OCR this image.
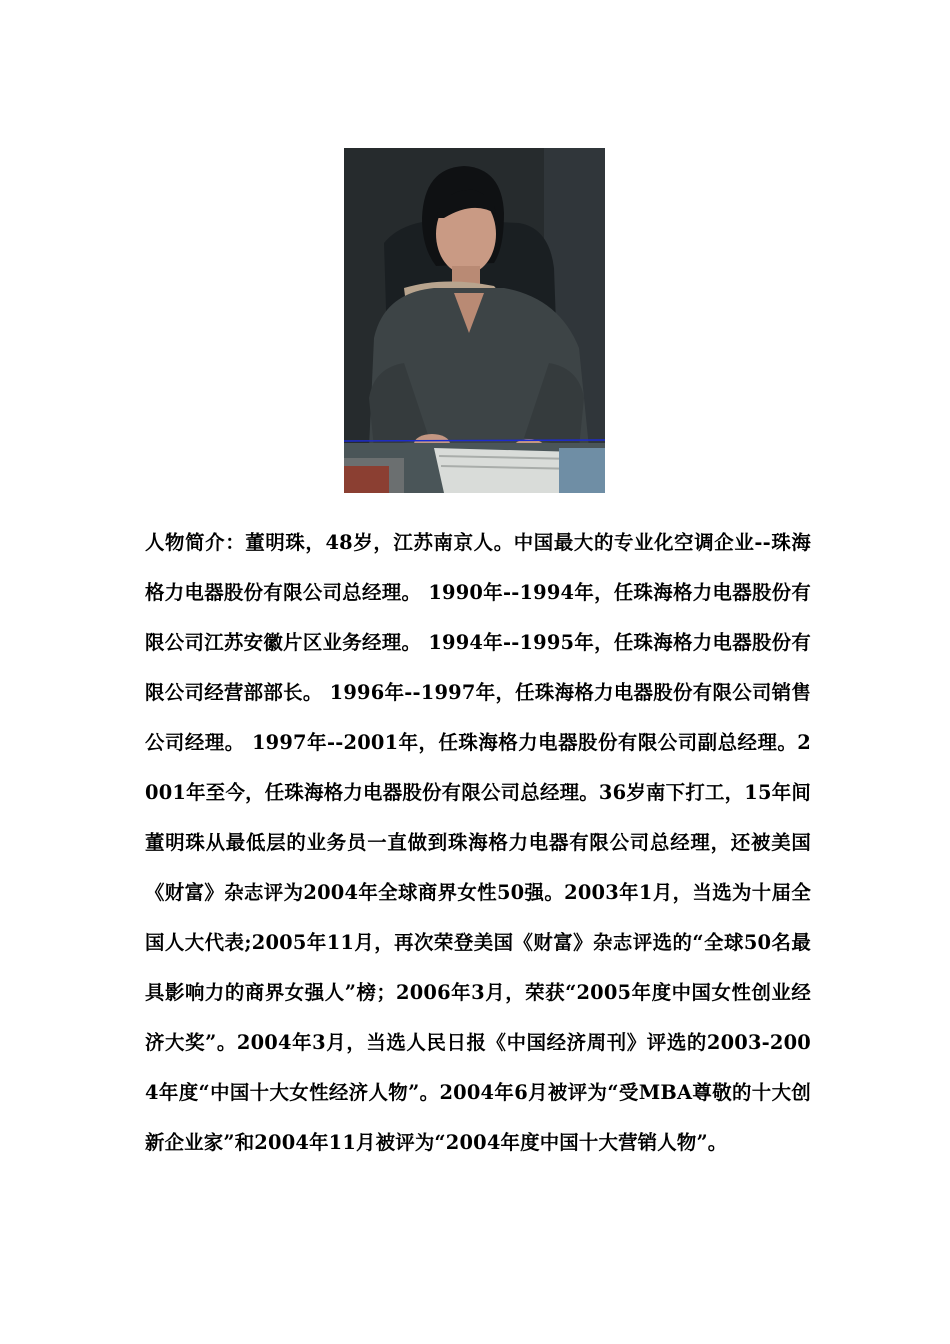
人物简介：董明珠，48岁，江苏南京人。中国最大的专业化空调企业--珠海格力电器股份有限公司总经理。 1990年--1994年，任珠海格力电器股份有限公司江苏安徽片区业务经理。 1994年--1995年，任珠海格力电器股份有限公司经营部部长。 1996年--1997年，任珠海格力电器股份有限公司销售公司经理。 1997年--2001年，任珠海格力电器股份有限公司副总经理。2001年至今，任珠海格力电器股份有限公司总经理。36岁南下打工，15年间董明珠从最低层的业务员一直做到珠海格力电器有限公司总经理，还被美国《财富》杂志评为2004年全球商界女性50强。2003年1月，当选为十届全国人大代表;2005年11月，再次荣登美国《财富》杂志评选的“全球50名最具影响力的商界女强人”榜；2006年3月，荣获“2005年度中国女性创业经济大奖”。2004年3月，当选人民日报《中国经济周刊》评选的2003-2004年度“中国十大女性经济人物”。2004年6月被评为“受MBA尊敬的十大创新企业家”和2004年11月被评为“2004年度中国十大营销人物”。
